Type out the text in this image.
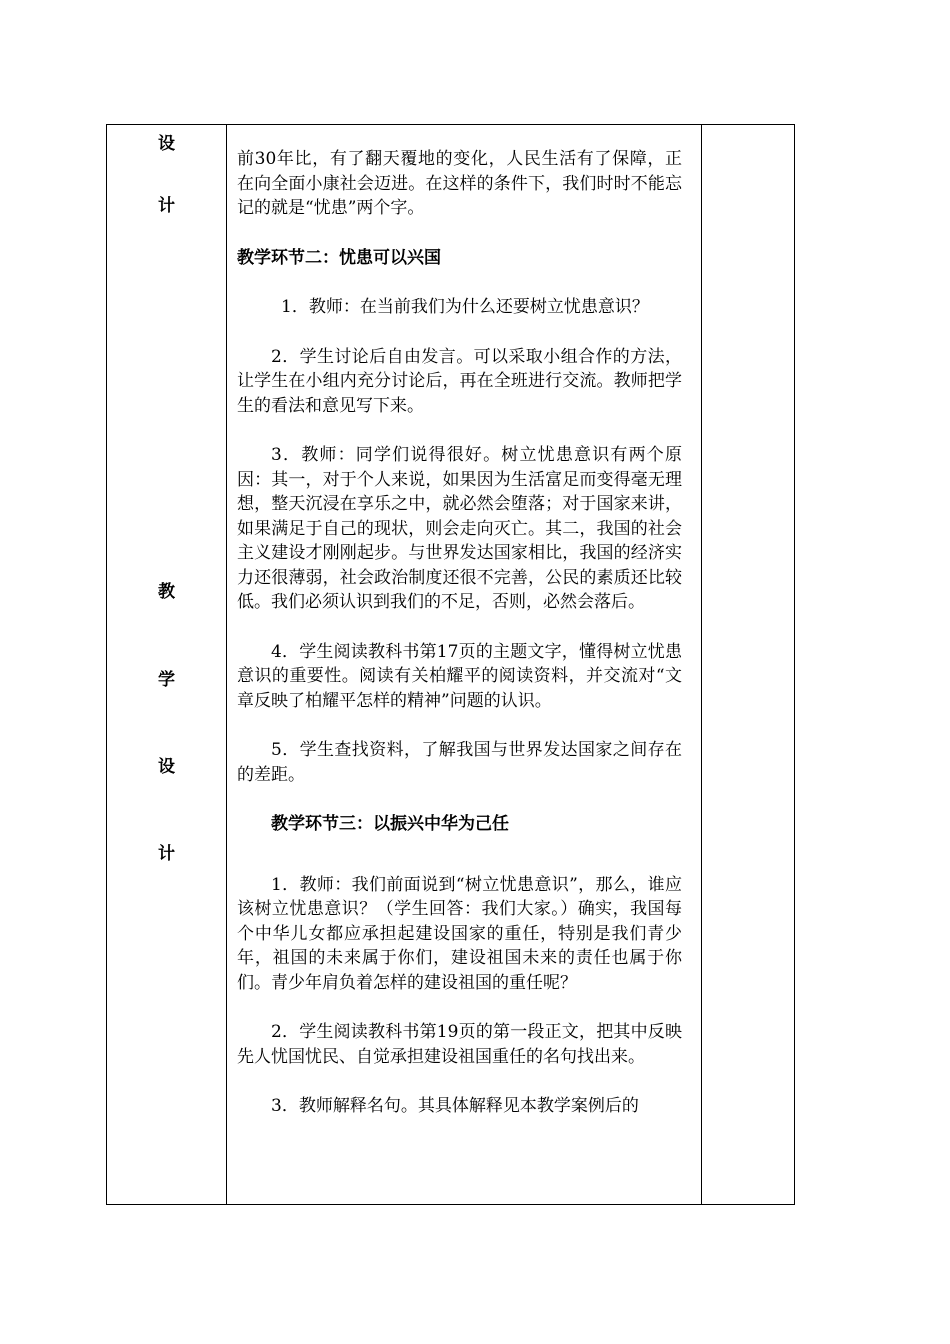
设
计
教
学
设
计

前30年比，有了翻天覆地的变化，人民生活有了保障，正在向全面小康社会迈进。在这样的条件下，我们时时不能忘记的就是“忧患”两个字。

教学环节二：忧患可以兴国

1．教师：在当前我们为什么还要树立忧患意识？

2．学生讨论后自由发言。可以采取小组合作的方法，让学生在小组内充分讨论后，再在全班进行交流。教师把学生的看法和意见写下来。

3．教师：同学们说得很好。树立忧患意识有两个原因：其一，对于个人来说，如果因为生活富足而变得毫无理想，整天沉浸在享乐之中，就必然会堕落；对于国家来讲，如果满足于自己的现状，则会走向灭亡。其二，我国的社会主义建设才刚刚起步。与世界发达国家相比，我国的经济实力还很薄弱，社会政治制度还很不完善，公民的素质还比较低。我们必须认识到我们的不足，否则，必然会落后。

4．学生阅读教科书第17页的主题文字，懂得树立忧患意识的重要性。阅读有关柏耀平的阅读资料，并交流对“文章反映了柏耀平怎样的精神”问题的认识。

5．学生查找资料，了解我国与世界发达国家之间存在的差距。

教学环节三：以振兴中华为己任

1．教师：我们前面说到“树立忧患意识”，那么，谁应该树立忧患意识？（学生回答：我们大家。）确实，我国每个中华儿女都应承担起建设国家的重任，特别是我们青少年，祖国的未来属于你们，建设祖国未来的责任也属于你们。青少年肩负着怎样的建设祖国的重任呢？

2．学生阅读教科书第19页的第一段正文，把其中反映先人忧国忧民、自觉承担建设祖国重任的名句找出来。

3．教师解释名句。其具体解释见本教学案例后的
